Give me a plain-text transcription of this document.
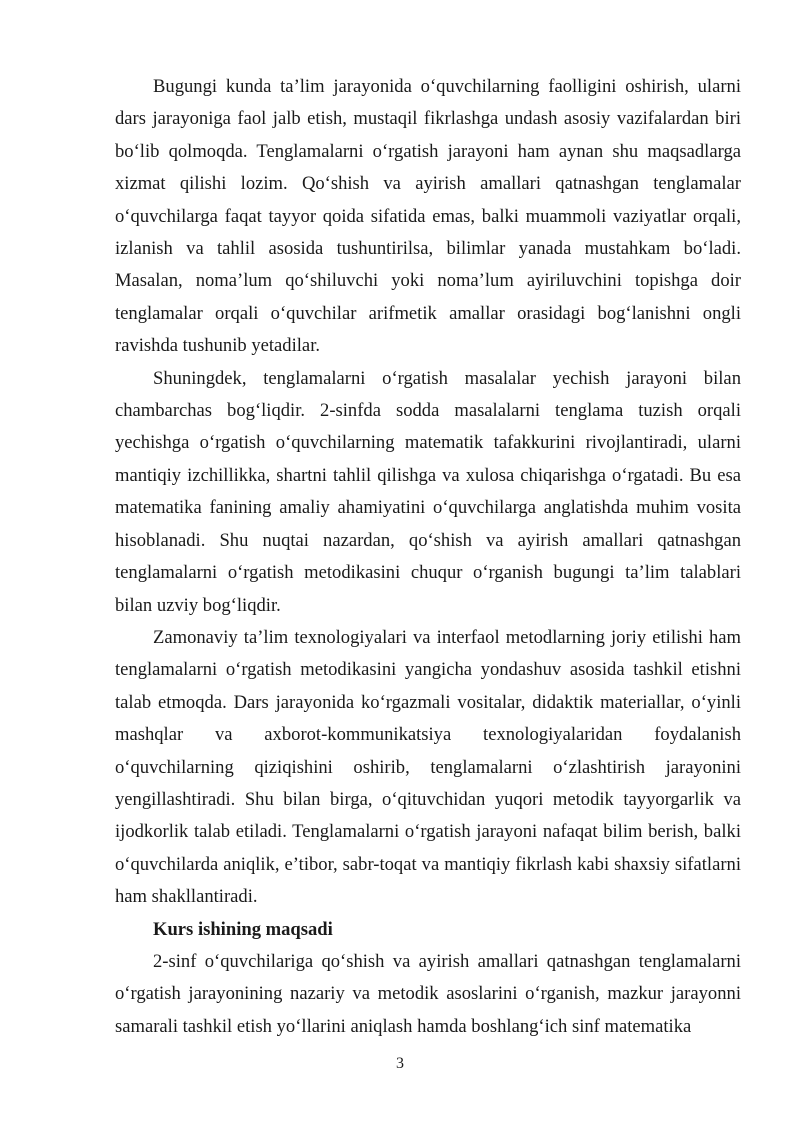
Bugungi kunda ta’lim jarayonida o‘quvchilarning faolligini oshirish, ularni dars jarayoniga faol jalb etish, mustaqil fikrlashga undash asosiy vazifalardan biri bo‘lib qolmoqda. Tenglamalarni o‘rgatish jarayoni ham aynan shu maqsadlarga xizmat qilishi lozim. Qo‘shish va ayirish amallari qatnashgan tenglamalar o‘quvchilarga faqat tayyor qoida sifatida emas, balki muammoli vaziyatlar orqali, izlanish va tahlil asosida tushuntirilsa, bilimlar yanada mustahkam bo‘ladi. Masalan, noma’lum qo‘shiluvchi yoki noma’lum ayiriluvchini topishga doir tenglamalar orqali o‘quvchilar arifmetik amallar orasidagi bog‘lanishni ongli ravishda tushunib yetadilar.

Shuningdek, tenglamalarni o‘rgatish masalalar yechish jarayoni bilan chambarchas bog‘liqdir. 2-sinfda sodda masalalarni tenglama tuzish orqali yechishga o‘rgatish o‘quvchilarning matematik tafakkurini rivojlantiradi, ularni mantiqiy izchillikka, shartni tahlil qilishga va xulosa chiqarishga o‘rgatadi. Bu esa matematika fanining amaliy ahamiyatini o‘quvchilarga anglatishda muhim vosita hisoblanadi. Shu nuqtai nazardan, qo‘shish va ayirish amallari qatnashgan tenglamalarni o‘rgatish metodikasini chuqur o‘rganish bugungi ta’lim talablari bilan uzviy bog‘liqdir.

Zamonaviy ta’lim texnologiyalari va interfaol metodlarning joriy etilishi ham tenglamalarni o‘rgatish metodikasini yangicha yondashuv asosida tashkil etishni talab etmoqda. Dars jarayonida ko‘rgazmali vositalar, didaktik materiallar, o‘yinli mashqlar va axborot-kommunikatsiya texnologiyalaridan foydalanish o‘quvchilarning qiziqishini oshirib, tenglamalarni o‘zlashtirish jarayonini yengillashtiradi. Shu bilan birga, o‘qituvchidan yuqori metodik tayyorgarlik va ijodkorlik talab etiladi. Tenglamalarni o‘rgatish jarayoni nafaqat bilim berish, balki o‘quvchilarda aniqlik, e’tibor, sabr-toqat va mantiqiy fikrlash kabi shaxsiy sifatlarni ham shakllantiradi.

Kurs ishining maqsadi

2-sinf o‘quvchilariga qo‘shish va ayirish amallari qatnashgan tenglamalarni o‘rgatish jarayonining nazariy va metodik asoslarini o‘rganish, mazkur jarayonni samarali tashkil etish yo‘llarini aniqlash hamda boshlang‘ich sinf matematika

3
